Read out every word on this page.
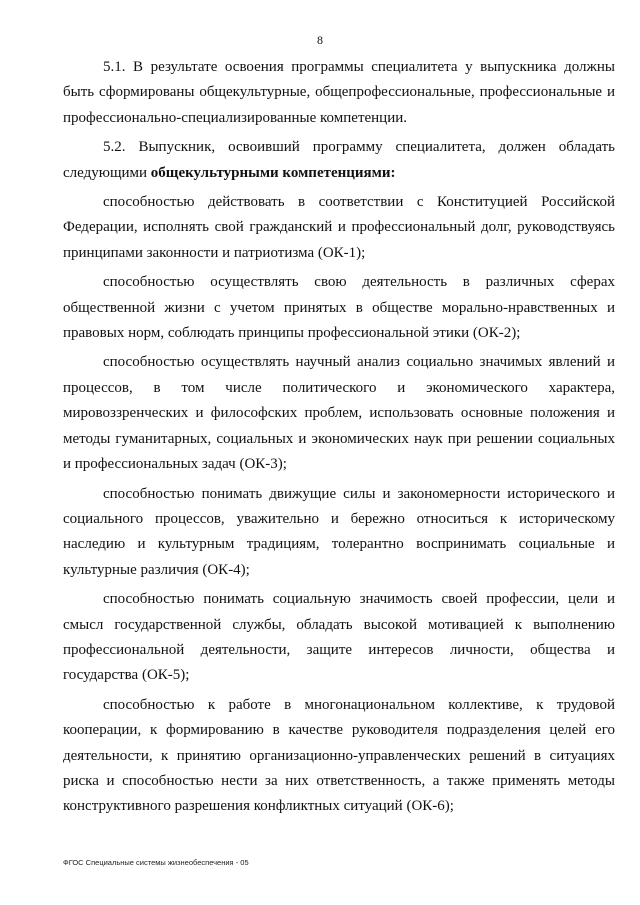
8

5.1. В результате освоения программы специалитета у выпускника должны быть сформированы общекультурные, общепрофессиональные, профессиональные и профессионально-специализированные компетенции.

5.2. Выпускник, освоивший программу специалитета, должен обладать следующими общекультурными компетенциями:

способностью действовать в соответствии с Конституцией Российской Федерации, исполнять свой гражданский и профессиональный долг, руководствуясь принципами законности и патриотизма (ОК-1);

способностью осуществлять свою деятельность в различных сферах общественной жизни с учетом принятых в обществе морально-нравственных и правовых норм, соблюдать принципы профессиональной этики (ОК-2);

способностью осуществлять научный анализ социально значимых явлений и процессов, в том числе политического и экономического характера, мировоззренческих и философских проблем, использовать основные положения и методы гуманитарных, социальных и экономических наук при решении социальных и профессиональных задач (ОК-3);

способностью понимать движущие силы и закономерности исторического и социального процессов, уважительно и бережно относиться к историческому наследию и культурным традициям, толерантно воспринимать социальные и культурные различия (ОК-4);

способностью понимать социальную значимость своей профессии, цели и смысл государственной службы, обладать высокой мотивацией к выполнению профессиональной деятельности, защите интересов личности, общества и государства (ОК-5);

способностью к работе в многонациональном коллективе, к трудовой кооперации, к формированию в качестве руководителя подразделения целей его деятельности, к принятию организационно-управленческих решений в ситуациях риска и способностью нести за них ответственность, а также применять методы конструктивного разрешения конфликтных ситуаций (ОК-6);

ФГОС Специальные системы жизнеобеспечения - 05
